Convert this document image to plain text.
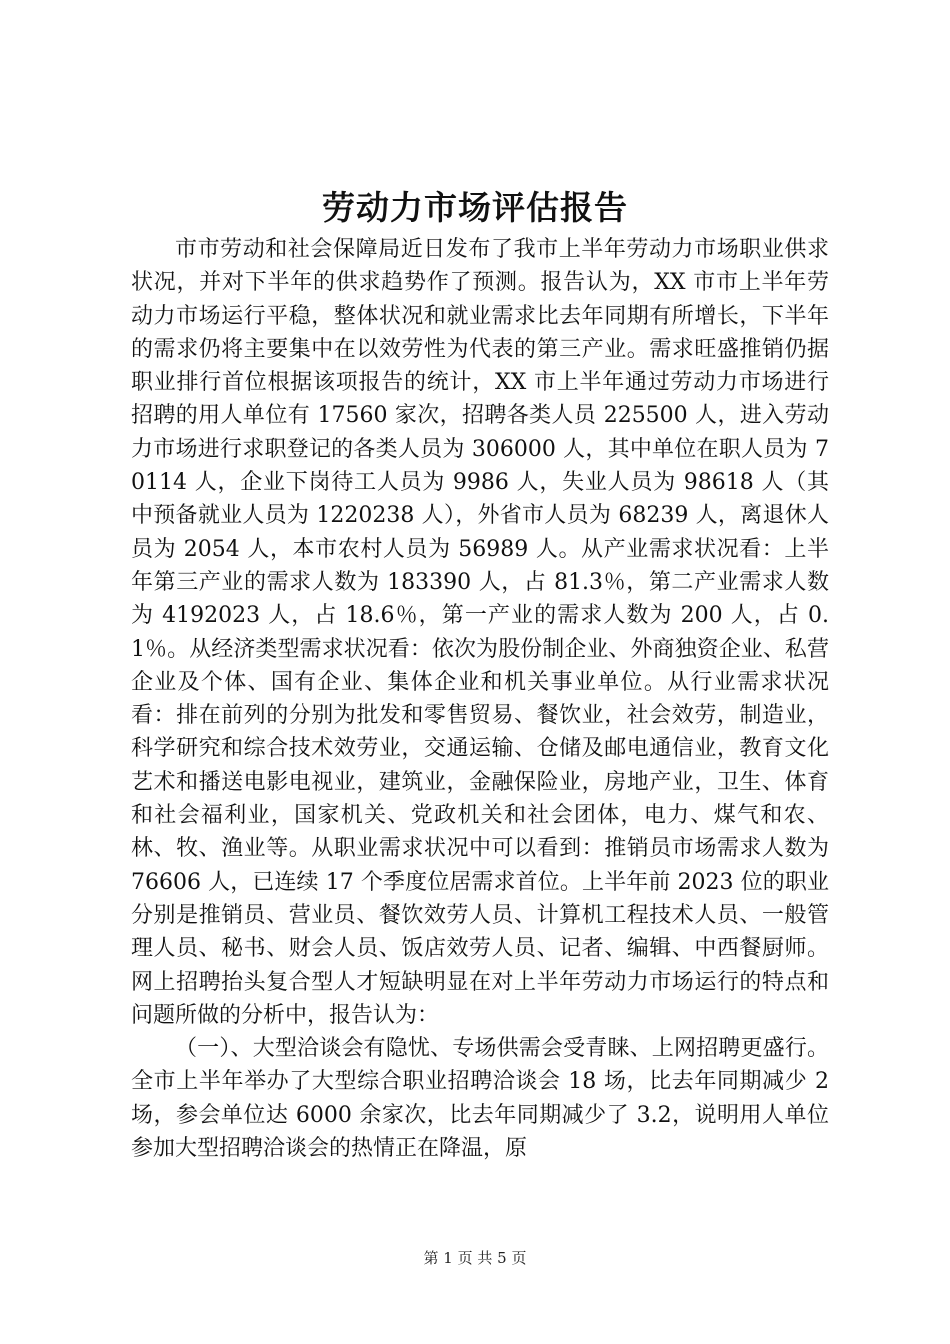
劳动力市场评估报告

市市劳动和社会保障局近日发布了我市上半年劳动力市场职业供求状况，并对下半年的供求趋势作了预测。报告认为，XX 市市上半年劳动力市场运行平稳，整体状况和就业需求比去年同期有所增长，下半年的需求仍将主要集中在以效劳性为代表的第三产业。需求旺盛推销仍据职业排行首位根据该项报告的统计，XX 市上半年通过劳动力市场进行招聘的用人单位有 17560 家次，招聘各类人员 225500 人，进入劳动力市场进行求职登记的各类人员为 306000 人，其中单位在职人员为 70114 人，企业下岗待工人员为 9986 人，失业人员为 98618 人（其中预备就业人员为 1220238 人），外省市人员为 68239 人，离退休人员为 2054 人，本市农村人员为 56989 人。从产业需求状况看：上半年第三产业的需求人数为 183390 人，占 81.3％，第二产业需求人数为 4192023 人，占 18.6％，第一产业的需求人数为 200 人，占 0.1％。从经济类型需求状况看：依次为股份制企业、外商独资企业、私营企业及个体、国有企业、集体企业和机关事业单位。从行业需求状况看：排在前列的分别为批发和零售贸易、餐饮业，社会效劳，制造业，科学研究和综合技术效劳业，交通运输、仓储及邮电通信业，教育文化艺术和播送电影电视业，建筑业，金融保险业，房地产业，卫生、体育和社会福利业，国家机关、党政机关和社会团体，电力、煤气和农、林、牧、渔业等。从职业需求状况中可以看到：推销员市场需求人数为 76606 人，已连续 17 个季度位居需求首位。上半年前 2023 位的职业分别是推销员、营业员、餐饮效劳人员、计算机工程技术人员、一般管理人员、秘书、财会人员、饭店效劳人员、记者、编辑、中西餐厨师。网上招聘抬头复合型人才短缺明显在对上半年劳动力市场运行的特点和问题所做的分析中，报告认为：

（一）、大型洽谈会有隐忧、专场供需会受青睐、上网招聘更盛行。全市上半年举办了大型综合职业招聘洽谈会 18 场，比去年同期减少 2 场，参会单位达 6000 余家次，比去年同期减少了 3.2，说明用人单位参加大型招聘洽谈会的热情正在降温，原

第 1 页 共 5 页
